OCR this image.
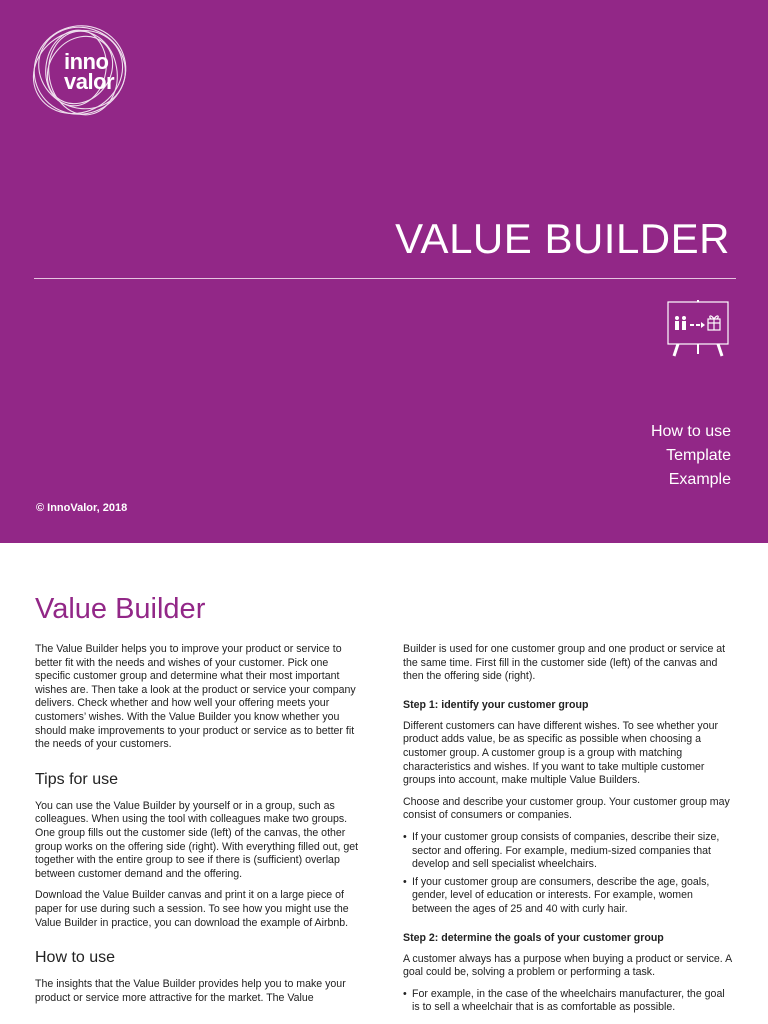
inno
valor
VALUE BUILDER
How to use
Template
Example
© InnoValor, 2018
Value Builder

The Value Builder helps you to improve your product or service to better fit with the needs and wishes of your customer. Pick one specific customer group and determine what their most important wishes are. Then take a look at the product or service your company delivers. Check whether and how well your offering meets your customers’ wishes. With the Value Builder you know whether you should make improvements to your product or service as to better fit the needs of your customers.

Tips for use

You can use the Value Builder by yourself or in a group, such as colleagues. When using the tool with colleagues make two groups. One group fills out the customer side (left) of the canvas, the other group works on the offering side (right). With everything filled out, get together with the entire group to see if there is (sufficient) overlap between customer demand and the offering.

Download the Value Builder canvas and print it on a large piece of paper for use during such a session. To see how you might use the Value Builder in practice, you can download the example of Airbnb.

How to use

The insights that the Value Builder provides help you to make your product or service more attractive for the market. The Value

Builder is used for one customer group and one product or service at the same time. First fill in the customer side (left) of the canvas and then the offering side (right).

Step 1: identify your customer group

Different customers can have different wishes. To see whether your product adds value, be as specific as possible when choosing a customer group. A customer group is a group with matching characteristics and wishes. If you want to take multiple customer groups into account, make multiple Value Builders.

Choose and describe your customer group. Your customer group may consist of consumers or companies.

• If your customer group consists of companies, describe their size, sector and offering. For example, medium-sized companies that develop and sell specialist wheelchairs.
• If your customer group are consumers, describe the age, goals, gender, level of education or interests. For example, women between the ages of 25 and 40 with curly hair.
Step 2: determine the goals of your customer group

A customer always has a purpose when buying a product or service. A goal could be, solving a problem or performing a task.

• For example, in the case of the wheelchairs manufacturer, the goal is to sell a wheelchair that is as comfortable as possible.
